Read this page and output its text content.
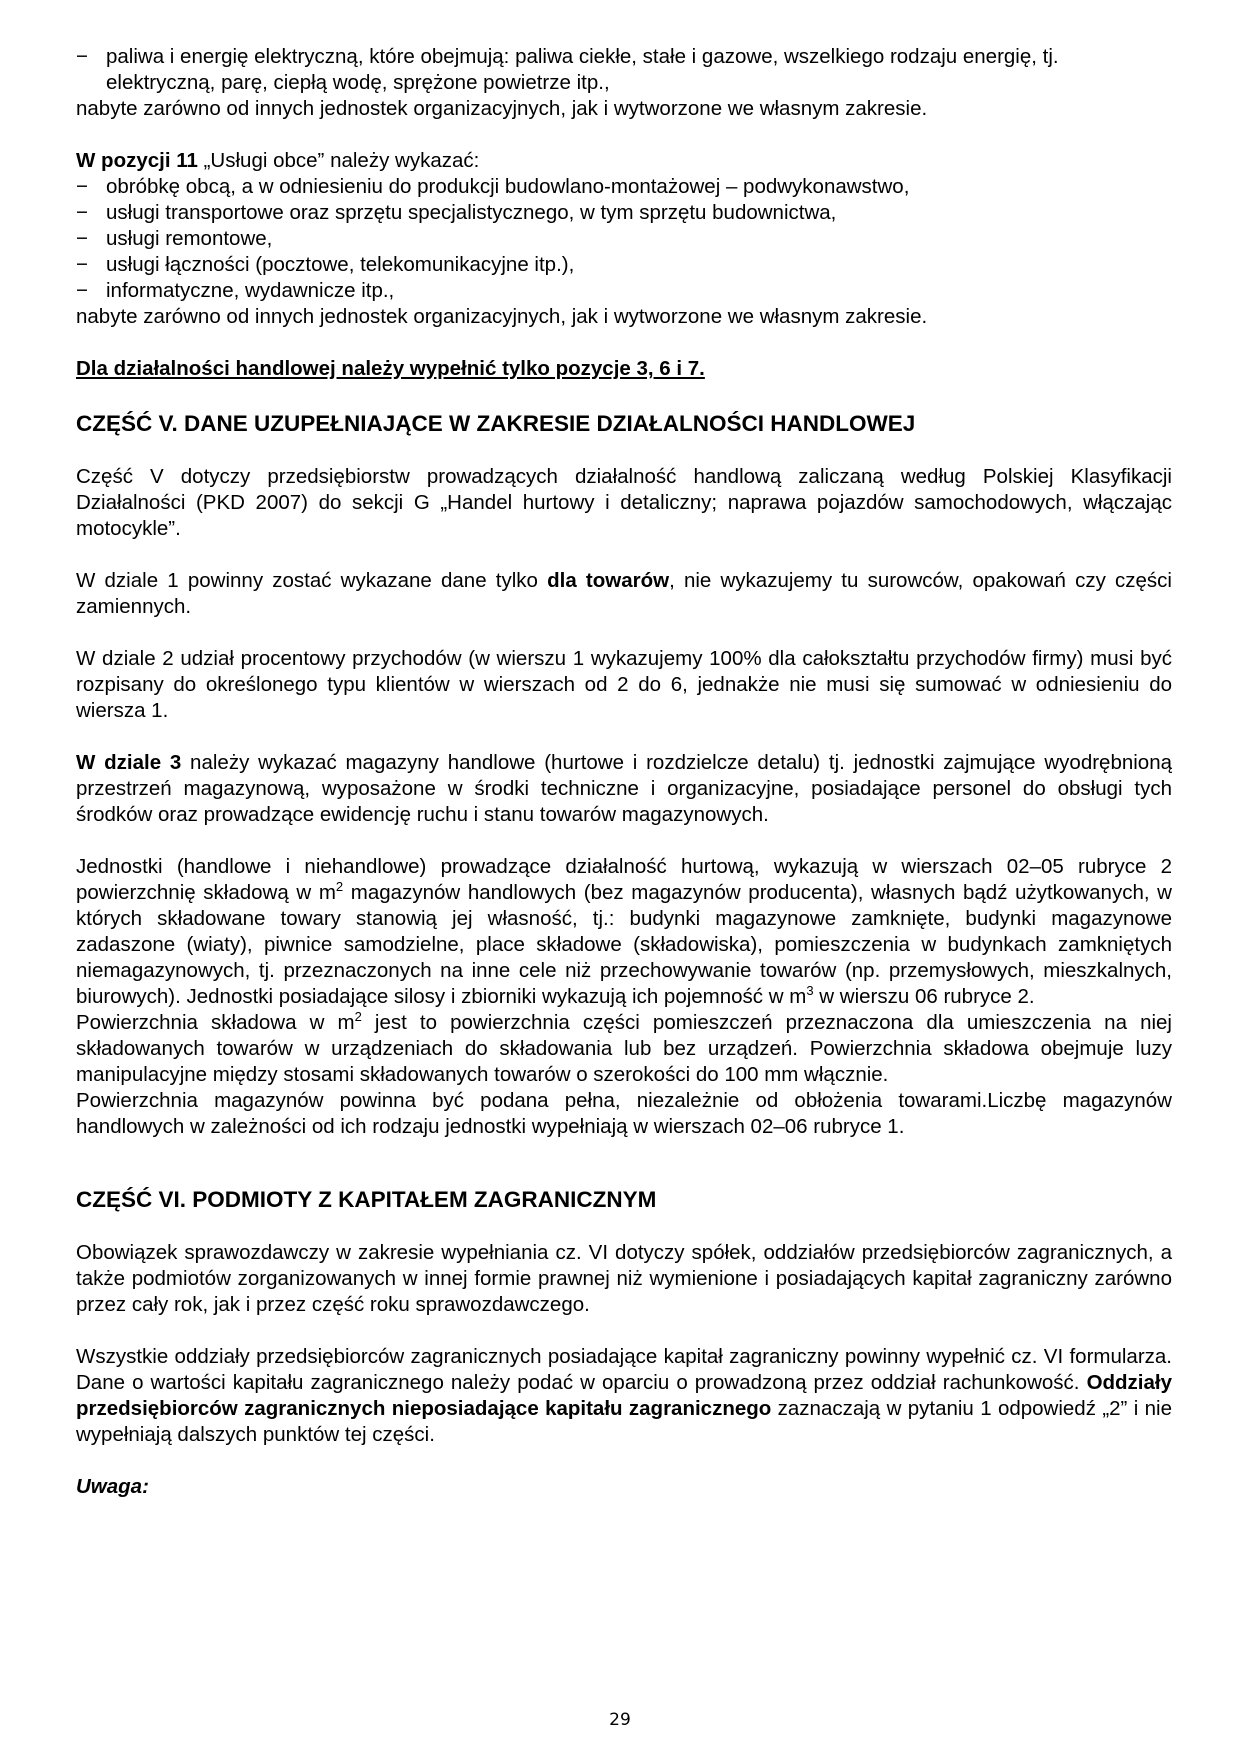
− paliwa i energię elektryczną, które obejmują: paliwa ciekłe, stałe i gazowe, wszelkiego rodzaju energię, tj. elektryczną, parę, ciepłą wodę, sprężone powietrze itp.,

nabyte zarówno od innych jednostek organizacyjnych, jak i wytworzone we własnym zakresie.

W pozycji 11 „Usługi obce” należy wykazać:

− obróbkę obcą, a w odniesieniu do produkcji budowlano-montażowej – podwykonawstwo,
− usługi transportowe oraz sprzętu specjalistycznego, w tym sprzętu budownictwa,
− usługi remontowe,
− usługi łączności (pocztowe, telekomunikacyjne itp.),
− informatyczne, wydawnicze itp.,

nabyte zarówno od innych jednostek organizacyjnych, jak i wytworzone we własnym zakresie.

Dla działalności handlowej należy wypełnić tylko pozycje 3, 6 i 7.

CZĘŚĆ V. DANE UZUPEŁNIAJĄCE W ZAKRESIE DZIAŁALNOŚCI HANDLOWEJ

Część V dotyczy przedsiębiorstw prowadzących działalność handlową zaliczaną według Polskiej Klasyfikacji Działalności (PKD 2007) do sekcji G „Handel hurtowy i detaliczny; naprawa pojazdów samochodowych, włączając motocykle”.

W dziale 1 powinny zostać wykazane dane tylko dla towarów, nie wykazujemy tu surowców, opakowań czy części zamiennych.

W dziale 2 udział procentowy przychodów (w wierszu 1 wykazujemy 100% dla całokształtu przychodów firmy) musi być rozpisany do określonego typu klientów w wierszach od 2 do 6, jednakże nie musi się sumować w odniesieniu do wiersza 1.

W dziale 3 należy wykazać magazyny handlowe (hurtowe i rozdzielcze detalu) tj. jednostki zajmujące wyodrębnioną przestrzeń magazynową, wyposażone w środki techniczne i organizacyjne, posiadające personel do obsługi tych środków oraz prowadzące ewidencję ruchu i stanu towarów magazynowych.

Jednostki (handlowe i niehandlowe) prowadzące działalność hurtową, wykazują w wierszach 02–05 rubryce 2 powierzchnię składową w $m^2$ magazynów handlowych (bez magazynów producenta), własnych bądź użytkowanych, w których składowane towary stanowią jej własność, tj.: budynki magazynowe zamknięte, budynki magazynowe zadaszone (wiaty), piwnice samodzielne, place składowe (składowiska), pomieszczenia w budynkach zamkniętych niemagazynowych, tj. przeznaczonych na inne cele niż przechowywanie towarów (np. przemysłowych, mieszkalnych, biurowych). Jednostki posiadające silosy i zbiorniki wykazują ich pojemność w $m^3$ w wierszu 06 rubryce 2.

Powierzchnia składowa w $m^2$ jest to powierzchnia części pomieszczeń przeznaczona dla umieszczenia na niej składowanych towarów w urządzeniach do składowania lub bez urządzeń. Powierzchnia składowa obejmuje luzy manipulacyjne między stosami składowanych towarów o szerokości do 100 mm włącznie.

Powierzchnia magazynów powinna być podana pełna, niezależnie od obłożenia towarami.Liczbę magazynów handlowych w zależności od ich rodzaju jednostki wypełniają w wierszach 02–06 rubryce 1.

CZĘŚĆ VI. PODMIOTY Z KAPITAŁEM ZAGRANICZNYM

Obowiązek sprawozdawczy w zakresie wypełniania cz. VI dotyczy spółek, oddziałów przedsiębiorców zagranicznych, a także podmiotów zorganizowanych w innej formie prawnej niż wymienione i posiadających kapitał zagraniczny zarówno przez cały rok, jak i przez część roku sprawozdawczego.

Wszystkie oddziały przedsiębiorców zagranicznych posiadające kapitał zagraniczny powinny wypełnić cz. VI formularza. Dane o wartości kapitału zagranicznego należy podać w oparciu o prowadzoną przez oddział rachunkowość. Oddziały przedsiębiorców zagranicznych nieposiadające kapitału zagranicznego zaznaczają w pytaniu 1 odpowiedź „2” i nie wypełniają dalszych punktów tej części.

Uwaga:

29
